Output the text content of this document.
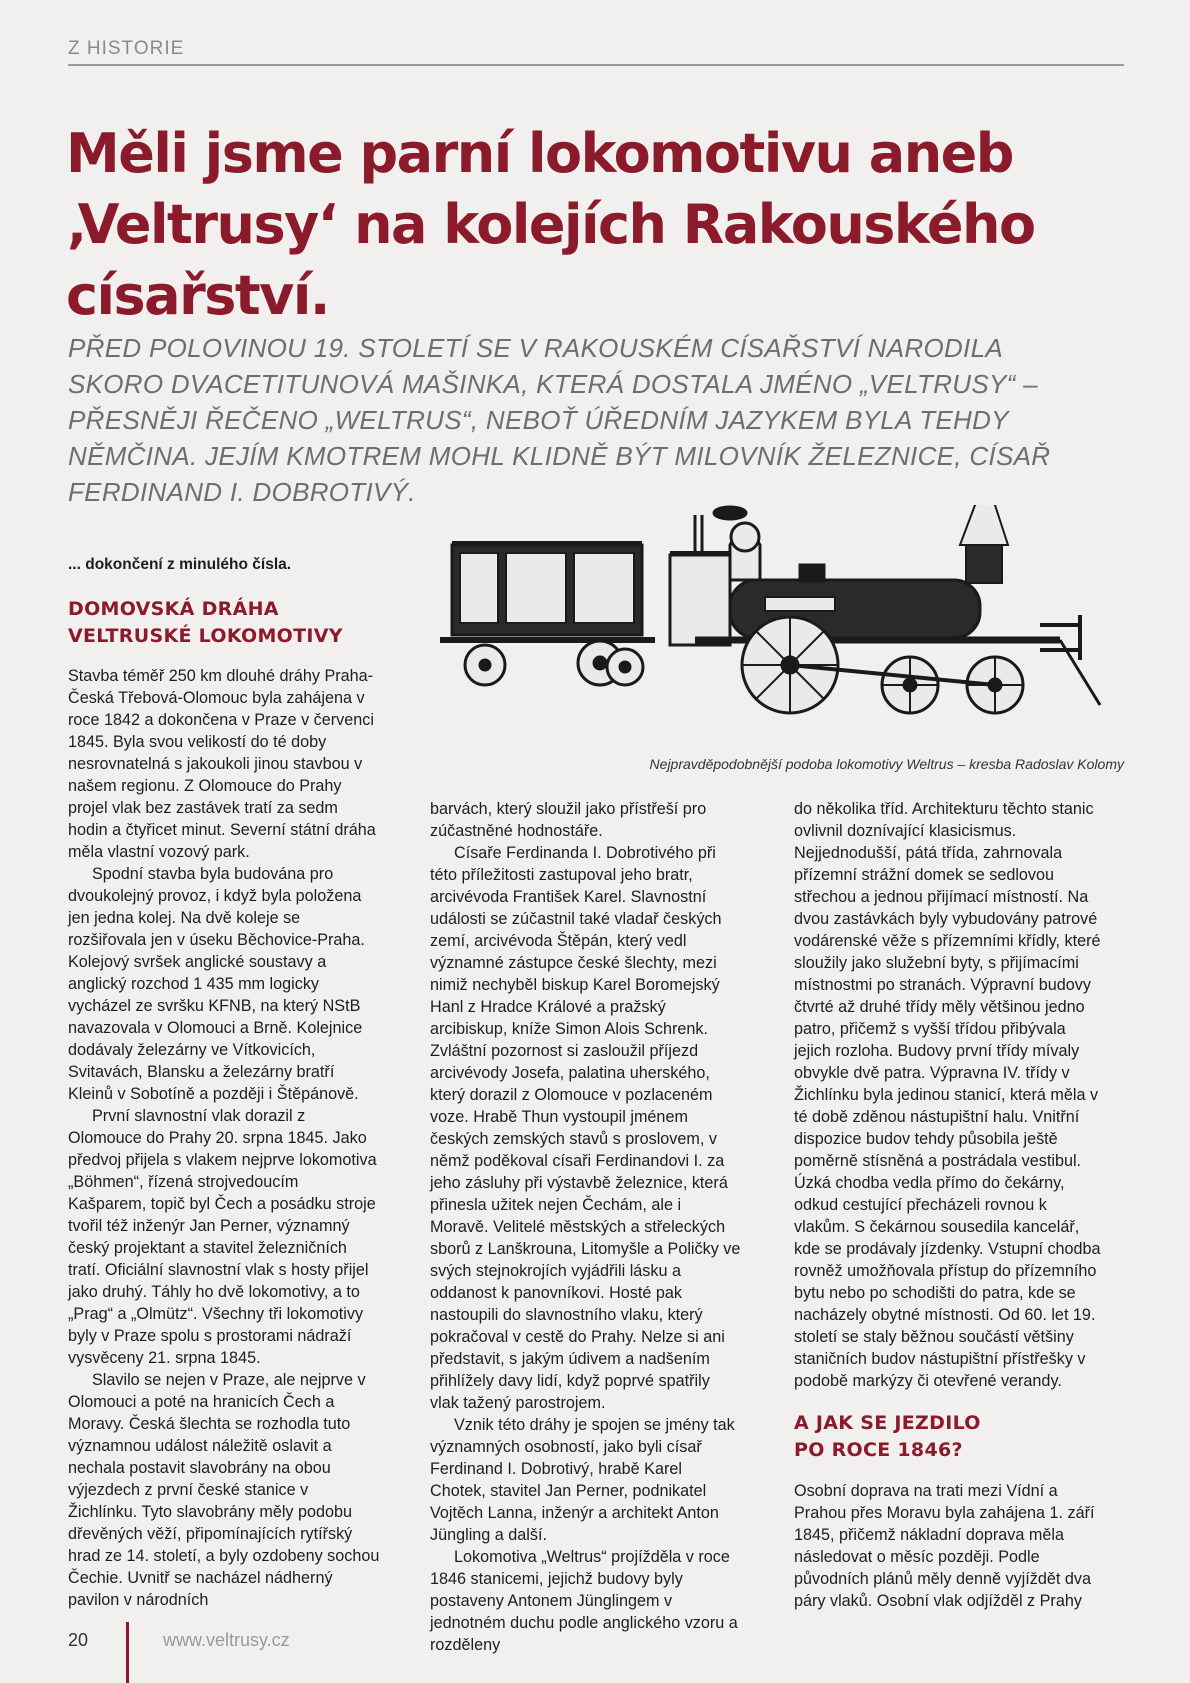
Z HISTORIE
Měli jsme parní lokomotivu aneb ‚Veltrusy‘ na kolejích Rakouského císařství.

PŘED POLOVINOU 19. STOLETÍ SE V RAKOUSKÉM CÍSAŘSTVÍ NARODILA SKORO DVACETITUNOVÁ MAŠINKA, KTERÁ DOSTALA JMÉNO „VELTRUSY“ – PŘESNĚJI ŘEČENO „WELTRUS“, NEBOŤ ÚŘEDNÍM JAZYKEM BYLA TEHDY NĚMČINA. JEJÍM KMOTREM MOHL KLIDNĚ BÝT MILOVNÍK ŽELEZNICE, CÍSAŘ FERDINAND I. DOBROTIVÝ.

Nejpravděpodobnější podoba lokomotivy Weltrus – kresba Radoslav Kolomy
... dokončení z minulého čísla.
DOMOVSKÁ DRÁHA VELTRUSKÉ LOKOMOTIVY

Stavba téměř 250 km dlouhé dráhy Praha-Česká Třebová-Olomouc byla zahájena v roce 1842 a dokončena v Praze v červenci 1845. Byla svou velikostí do té doby nesrovnatelná s jakoukoli jinou stavbou v našem regionu. Z Olomouce do Prahy projel vlak bez zastávek tratí za sedm hodin a čtyřicet minut. Severní státní dráha měla vlastní vozový park.

Spodní stavba byla budována pro dvoukolejný provoz, i když byla položena jen jedna kolej. Na dvě koleje se rozšiřovala jen v úseku Běchovice-Praha. Kolejový svršek anglické soustavy a anglický rozchod 1 435 mm logicky vycházel ze svršku KFNB, na který NStB navazovala v Olomouci a Brně. Kolejnice dodávaly železárny ve Vítkovicích, Svitavách, Blansku a železárny bratří Kleinů v Sobotíně a později i Štěpánově.

První slavnostní vlak dorazil z Olomouce do Prahy 20. srpna 1845. Jako předvoj přijela s vlakem nejprve lokomotiva „Böhmen“, řízená strojvedoucím Kašparem, topič byl Čech a posádku stroje tvořil též inženýr Jan Perner, významný český projektant a stavitel železničních tratí. Oficiální slavnostní vlak s hosty přijel jako druhý. Táhly ho dvě lokomotivy, a to „Prag“ a „Olmütz“. Všechny tři lokomotivy byly v Praze spolu s prostorami nádraží vysvěceny 21. srpna 1845.

Slavilo se nejen v Praze, ale nejprve v Olomouci a poté na hranicích Čech a Moravy. Česká šlechta se rozhodla tuto významnou událost náležitě oslavit a nechala postavit slavobrány na obou výjezdech z první české stanice v Žichlínku. Tyto slavobrány měly podobu dřevěných věží, připomínajících rytířský hrad ze 14. století, a byly ozdobeny sochou Čechie. Uvnitř se nacházel nádherný pavilon v národních

barvách, který sloužil jako přístřeší pro zúčastněné hodnostáře.

Císaře Ferdinanda I. Dobrotivého při této příležitosti zastupoval jeho bratr, arcivévoda František Karel. Slavnostní události se zúčastnil také vladař českých zemí, arcivévoda Štěpán, který vedl významné zástupce české šlechty, mezi nimiž nechyběl biskup Karel Boromejský Hanl z Hradce Králové a pražský arcibiskup, kníže Simon Alois Schrenk. Zvláštní pozornost si zasloužil příjezd arcivévody Josefa, palatina uherského, který dorazil z Olomouce v pozlaceném voze. Hrabě Thun vystoupil jménem českých zemských stavů s proslovem, v němž poděkoval císaři Ferdinandovi I. za jeho zásluhy při výstavbě železnice, která přinesla užitek nejen Čechám, ale i Moravě. Velitelé městských a střeleckých sborů z Lanškrouna, Litomyšle a Poličky ve svých stejnokrojích vyjádřili lásku a oddanost k panovníkovi. Hosté pak nastoupili do slavnostního vlaku, který pokračoval v cestě do Prahy. Nelze si ani představit, s jakým údivem a nadšením přihlížely davy lidí, když poprvé spatřily vlak tažený parostrojem.

Vznik této dráhy je spojen se jmény tak významných osobností, jako byli císař Ferdinand I. Dobrotivý, hrabě Karel Chotek, stavitel Jan Perner, podnikatel Vojtěch Lanna, inženýr a architekt Anton Jüngling a další.

Lokomotiva „Weltrus“ projížděla v roce 1846 stanicemi, jejichž budovy byly postaveny Antonem Jünglingem v jednotném duchu podle anglického vzoru a rozděleny

do několika tříd. Architekturu těchto stanic ovlivnil doznívající klasicismus. Nejjednodušší, pátá třída, zahrnovala přízemní strážní domek se sedlovou střechou a jednou přijímací místností. Na dvou zastávkách byly vybudovány patrové vodárenské věže s přízemními křídly, které sloužily jako služební byty, s přijímacími místnostmi po stranách. Výpravní budovy čtvrté až druhé třídy měly většinou jedno patro, přičemž s vyšší třídou přibývala jejich rozloha. Budovy první třídy mívaly obvykle dvě patra. Výpravna IV. třídy v Žichlínku byla jedinou stanicí, která měla v té době zděnou nástupištní halu. Vnitřní dispozice budov tehdy působila ještě poměrně stísněná a postrádala vestibul. Úzká chodba vedla přímo do čekárny, odkud cestující přecházeli rovnou k vlakům. S čekárnou sousedila kancelář, kde se prodávaly jízdenky. Vstupní chodba rovněž umožňovala přístup do přízemního bytu nebo po schodišti do patra, kde se nacházely obytné místnosti. Od 60. let 19. století se staly běžnou součástí většiny staničních budov nástupištní přístřešky v podobě markýzy či otevřené verandy.

A JAK SE JEZDILO PO ROCE 1846?

Osobní doprava na trati mezi Vídní a Prahou přes Moravu byla zahájena 1. září 1845, přičemž nákladní doprava měla následovat o měsíc později. Podle původních plánů měly denně vyjíždět dva páry vlaků. Osobní vlak odjížděl z Prahy

20	www.veltrusy.cz
